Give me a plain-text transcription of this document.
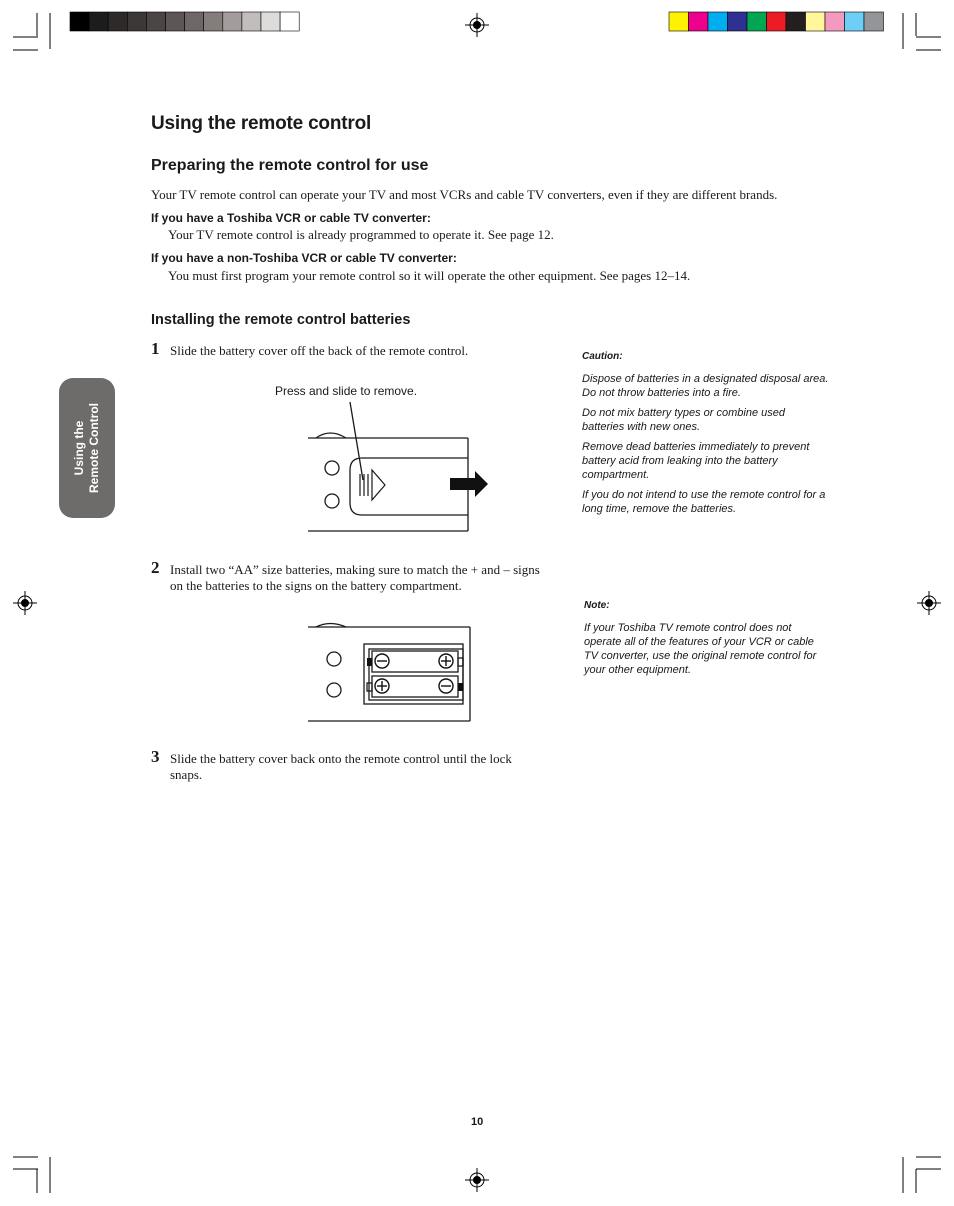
Using the Remote Control
Using the remote control
Preparing the remote control for use
Your TV remote control can operate your TV and most VCRs and cable TV converters, even if they are different brands.
If you have a Toshiba VCR or cable TV converter:
Your TV remote control is already programmed to operate it. See page 12.
If you have a non-Toshiba VCR or cable TV converter:
You must first program your remote control so it will operate the other equipment. See pages 12–14.
Installing the remote control batteries
1 Slide the battery cover off the back of the remote control.
Press and slide to remove.
2 Install two “AA” size batteries, making sure to match the + and – signs on the batteries to the signs on the battery compartment.
3 Slide the battery cover back onto the remote control until the lock snaps.

Caution:

Dispose of batteries in a designated disposal area. Do not throw batteries into a fire.

Do not mix battery types or combine used batteries with new ones.

Remove dead batteries immediately to prevent battery acid from leaking into the battery compartment.

If you do not intend to use the remote control for a long time, remove the batteries.

Note:

If your Toshiba TV remote control does not operate all of the features of your VCR or cable TV converter, use the original remote control for your other equipment.

10
